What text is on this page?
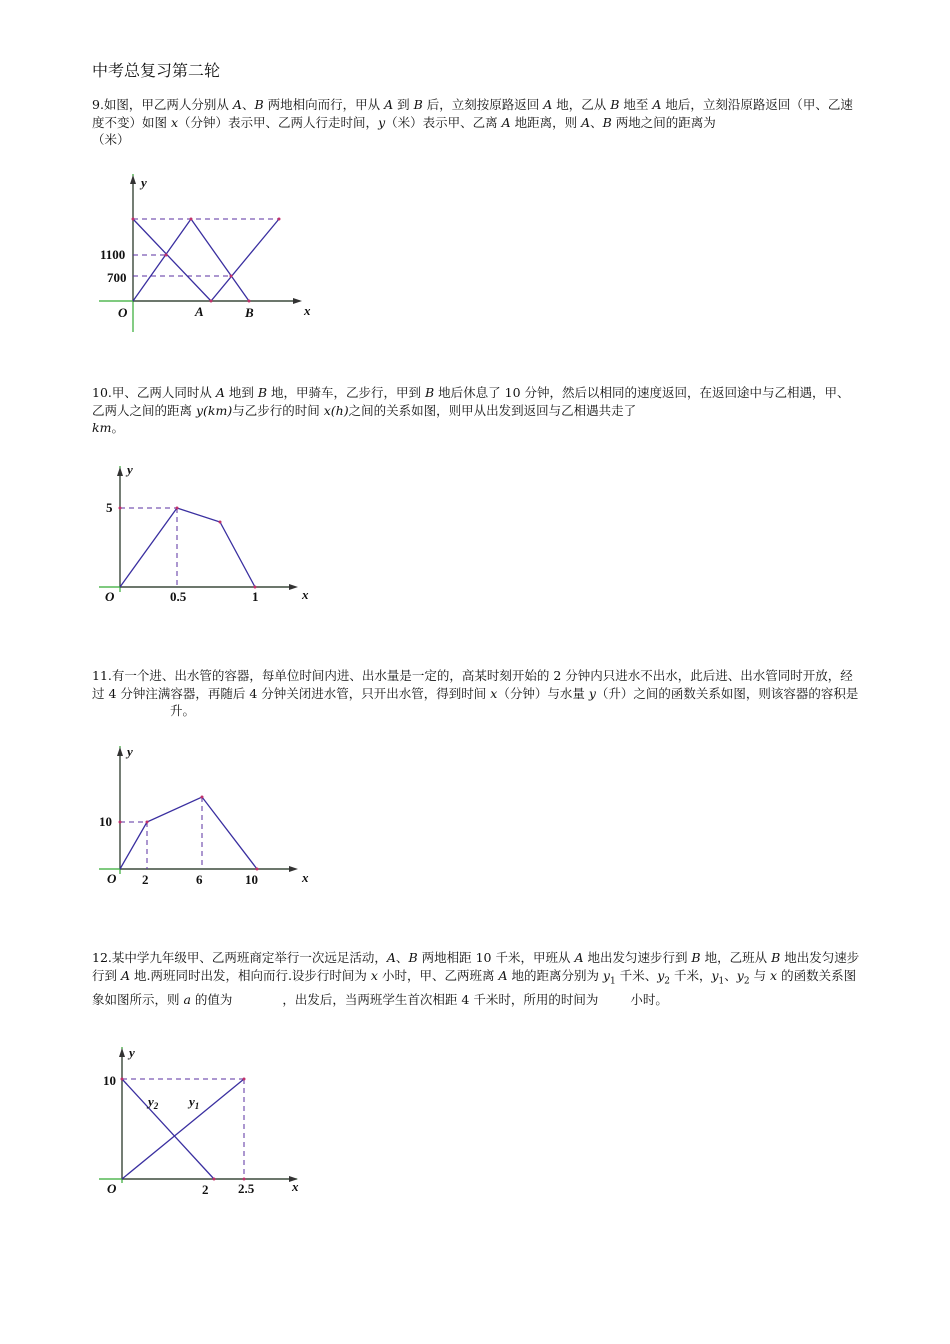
中考总复习第二轮
9.如图，甲乙两人分别从 A、B 两地相向而行，甲从 A 到 B 后，立刻按原路返回 A 地，乙从 B 地至 A 地后，立刻沿原路返回（甲、乙速度不变）如图 x（分钟）表示甲、乙两人行走时间，y（米）表示甲、乙离 A 地距离，则 A、B 两地之间的距离为（米）
y
x
O
1100
700
A	B
10.甲、乙两人同时从 A 地到 B 地，甲骑车，乙步行，甲到 B 地后休息了 10 分钟，然后以相同的速度返回，在返回途中与乙相遇，甲、乙两人之间的距离 y(km)与乙步行的时间 x(h)之间的关系如图，则甲从出发到返回与乙相遇共走了
km。
y
x
O
5
0.5	1
11.有一个进、出水管的容器，每单位时间内进、出水量是一定的，高某时刻开始的 2 分钟内只进水不出水，此后进、出水管同时开放，经过 4 分钟注满容器，再随后 4 分钟关闭进水管，只开出水管，得到时间 x（分钟）与水量 y（升）之间的函数关系如图，则该容器的容积是升。
y
x
O
10
2	6	10
12.某中学九年级甲、乙两班商定举行一次远足活动，A、B 两地相距 10 千米，甲班从 A 地出发匀速步行到 B 地，乙班从 B 地出发匀速步行到 A 地.两班同时出发，相向而行.设步行时间为 x 小时，甲、乙两班离 A 地的距离分别为 $y_1$ 千米、$y_2$ 千米，$y_1$、$y_2$ 与 x 的函数关系图象如图所示，则 a 的值为	，出发后，当两班学生首次相距 4 千米时，所用的时间为	小时。
y
x
O
10
2 2.5
$y_2$ $y_1$
